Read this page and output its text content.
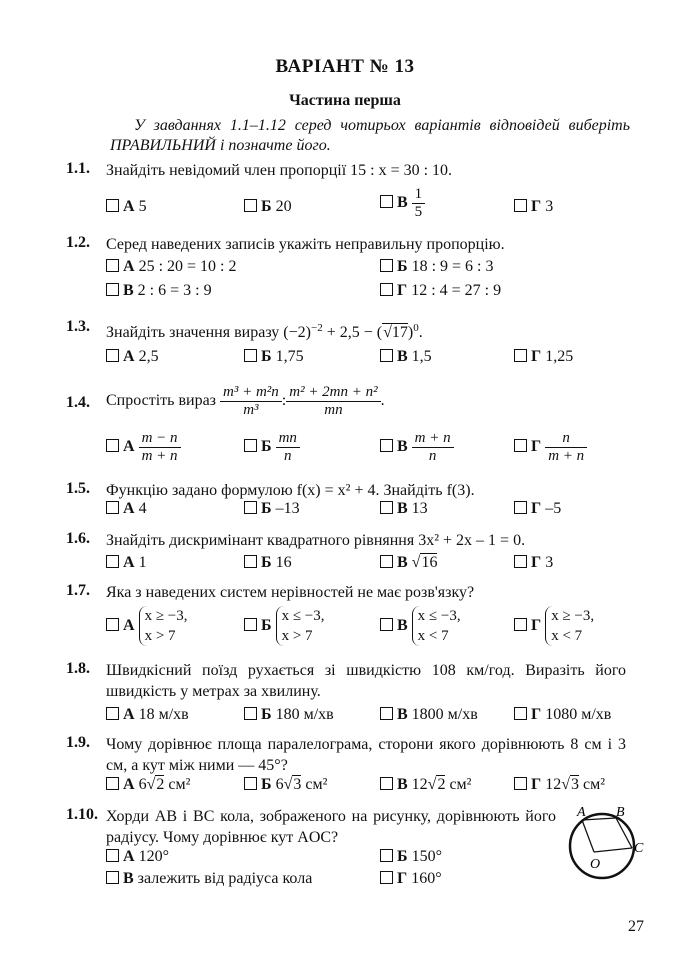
ВАРІАНТ № 13
Частина перша
У завданнях 1.1–1.12 серед чотирьох варіантів відповідей виберіть ПРАВИЛЬНИЙ і позначте його.
1.1. Знайдіть невідомий член пропорції 15 : x = 30 : 10.
А 5	Б 20	В $\frac{1}{5}$	Г 3
1.2. Серед наведених записів укажіть неправильну пропорцію.
А 25 : 20 = 10 : 2	Б 18 : 9 = 6 : 3
В 2 : 6 = 3 : 9	Г 12 : 4 = 27 : 9
1.3. Знайдіть значення виразу $(-2)^{-2} + 2,5 - (√17)^0$.
А 2,5	Б 1,75	В 1,5	Г 1,25
1.4.	Спростіть вираз $\frac{\text{m³ + m²n}}{\text{m³}}$ : $\frac{\text{m² + 2mn + n²}}{mn}$ .
А $\frac{m - n}{m + n}$	Б $\frac{mn}{n}$	В $\frac{m + n}{n}$	Г $\frac{n}{m + n}$
1.5. Функцію задано формулою f(x) = x² + 4. Знайдіть f(3).
А 4	Б –13	В 13	Г –5
1.6. Знайдіть дискримінант квадратного рівняння 3x² + 2x – 1 = 0.
А 1	Б 16	В √16	Г 3
1.7. Яка з наведених систем нерівностей не має розв'язку?
А
x ≥ −3,
x > 7
Б
x ≤ −3,
x > 7
В
x ≤ −3,
x < 7
Г
x ≥ −3,
x < 7
1.8. Швидкісний поїзд рухається зі швидкістю 108 км/год. Виразіть його швидкість у метрах за хвилину.
А 18 м/хв	Б 180 м/хв	В 1800 м/хв	Г 1080 м/хв
1.9. Чому дорівнює площа паралелограма, сторони якого дорівнюють 8 см і 3 см, а кут між ними — 45°?
А 6√2 см²	Б 6√3 см²	В 12√2 см²	Г 12√3 см²
1.10. Хорди AB і BC кола, зображеного на рисунку, дорівнюють його радіусу. Чому дорівнює кут AOC?
А 120°	Б 150°
В залежить від радіуса кола	Г 160°
A B
C
O
27
